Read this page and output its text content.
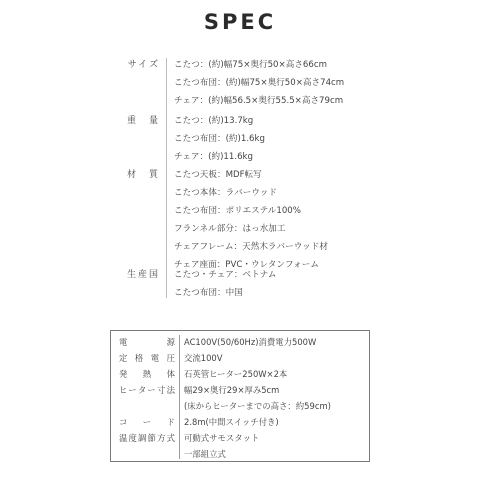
SPEC
サイズ こたつ：(約)幅75×奥行50×高さ66cm
こたつ布団：(約)幅75×奥行50×高さ74cm
チェア：(約)幅56.5×奥行55.5×高さ79cm
重　量 こたつ：(約)13.7kg
こたつ布団：(約)1.6kg
チェア：(約)11.6kg
材　質 こたつ天板：MDF転写
こたつ本体：ラバーウッド
こたつ布団：ポリエステル100%
フランネル部分：はっ水加工
チェアフレーム：天然木ラバーウッド材
チェア座面：PVC・ウレタンフォーム
生産国 こたつ・チェア：ベトナム
こたつ布団：中国
電源 AC100V(50/60Hz)消費電力500W
定格電圧 交流100V
発熱体 石英管ヒーター250W×2本
ヒーター寸法 幅29×奥行29×厚み5cm
(床からヒーターまでの高さ：約59cm)
コード 2.8m(中間スイッチ付き)
温度調節方式 可動式サモスタット
一部組立式
